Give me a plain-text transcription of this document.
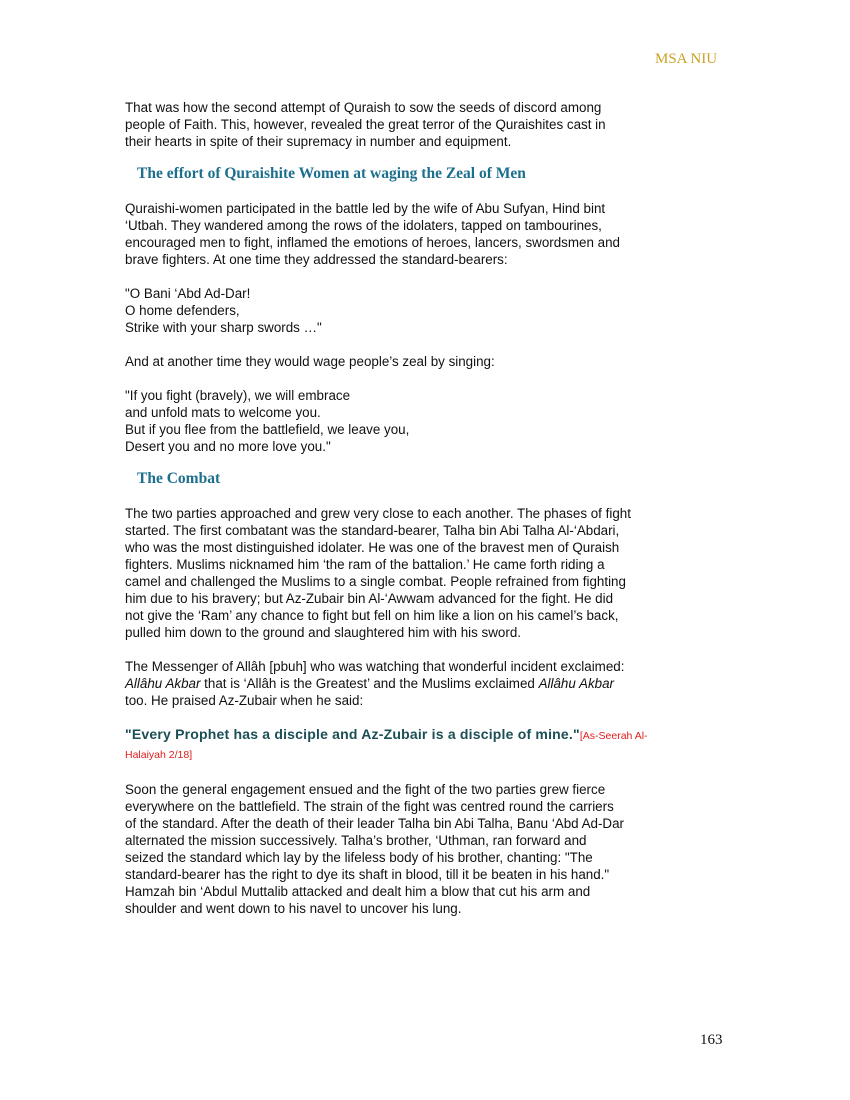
MSA NIU

That was how the second attempt of Quraish to sow the seeds of discord among
people of Faith. This, however, revealed the great terror of the Quraishites cast in
their hearts in spite of their supremacy in number and equipment.

The effort of Quraishite Women at waging the Zeal of Men

Quraishi-women participated in the battle led by the wife of Abu Sufyan, Hind bint
‘Utbah. They wandered among the rows of the idolaters, tapped on tambourines,
encouraged men to fight, inflamed the emotions of heroes, lancers, swordsmen and
brave fighters. At one time they addressed the standard-bearers:

"O Bani ‘Abd Ad-Dar!
O home defenders,
Strike with your sharp swords …"

And at another time they would wage people’s zeal by singing:

"If you fight (bravely), we will embrace
and unfold mats to welcome you.
But if you flee from the battlefield, we leave you,
Desert you and no more love you."

The Combat

The two parties approached and grew very close to each another. The phases of fight
started. The first combatant was the standard-bearer, Talha bin Abi Talha Al-‘Abdari,
who was the most distinguished idolater. He was one of the bravest men of Quraish
fighters. Muslims nicknamed him ‘the ram of the battalion.’ He came forth riding a
camel and challenged the Muslims to a single combat. People refrained from fighting
him due to his bravery; but Az-Zubair bin Al-‘Awwam advanced for the fight. He did
not give the ‘Ram’ any chance to fight but fell on him like a lion on his camel’s back,
pulled him down to the ground and slaughtered him with his sword.

The Messenger of Allâh [pbuh] who was watching that wonderful incident exclaimed:
Allâhu Akbar that is ‘Allâh is the Greatest’ and the Muslims exclaimed Allâhu Akbar
too. He praised Az-Zubair when he said:

"Every Prophet has a disciple and Az-Zubair is a disciple of mine."[As-Seerah Al-
Halaiyah 2/18]

Soon the general engagement ensued and the fight of the two parties grew fierce
everywhere on the battlefield. The strain of the fight was centred round the carriers
of the standard. After the death of their leader Talha bin Abi Talha, Banu ‘Abd Ad-Dar
alternated the mission successively. Talha’s brother, ‘Uthman, ran forward and
seized the standard which lay by the lifeless body of his brother, chanting: "The
standard-bearer has the right to dye its shaft in blood, till it be beaten in his hand."
Hamzah bin ‘Abdul Muttalib attacked and dealt him a blow that cut his arm and
shoulder and went down to his navel to uncover his lung.

163
